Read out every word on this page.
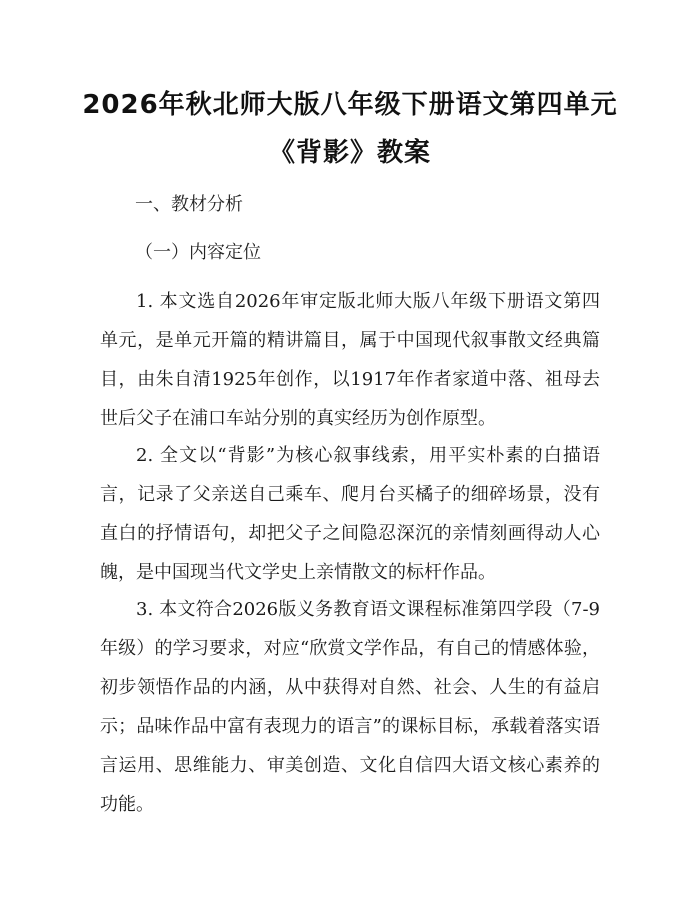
2026年秋北师大版八年级下册语文第四单元
《背影》教案
一、教材分析
（一）内容定位
1. 本文选自2026年审定版北师大版八年级下册语文第四单元，是单元开篇的精讲篇目，属于中国现代叙事散文经典篇目，由朱自清1925年创作，以1917年作者家道中落、祖母去世后父子在浦口车站分别的真实经历为创作原型。
2. 全文以“背影”为核心叙事线索，用平实朴素的白描语言，记录了父亲送自己乘车、爬月台买橘子的细碎场景，没有直白的抒情语句，却把父子之间隐忍深沉的亲情刻画得动人心魄，是中国现当代文学史上亲情散文的标杆作品。
3. 本文符合2026版义务教育语文课程标准第四学段（7-9年级）的学习要求，对应“欣赏文学作品，有自己的情感体验，初步领悟作品的内涵，从中获得对自然、社会、人生的有益启示；品味作品中富有表现力的语言”的课标目标，承载着落实语言运用、思维能力、审美创造、文化自信四大语文核心素养的功能。
